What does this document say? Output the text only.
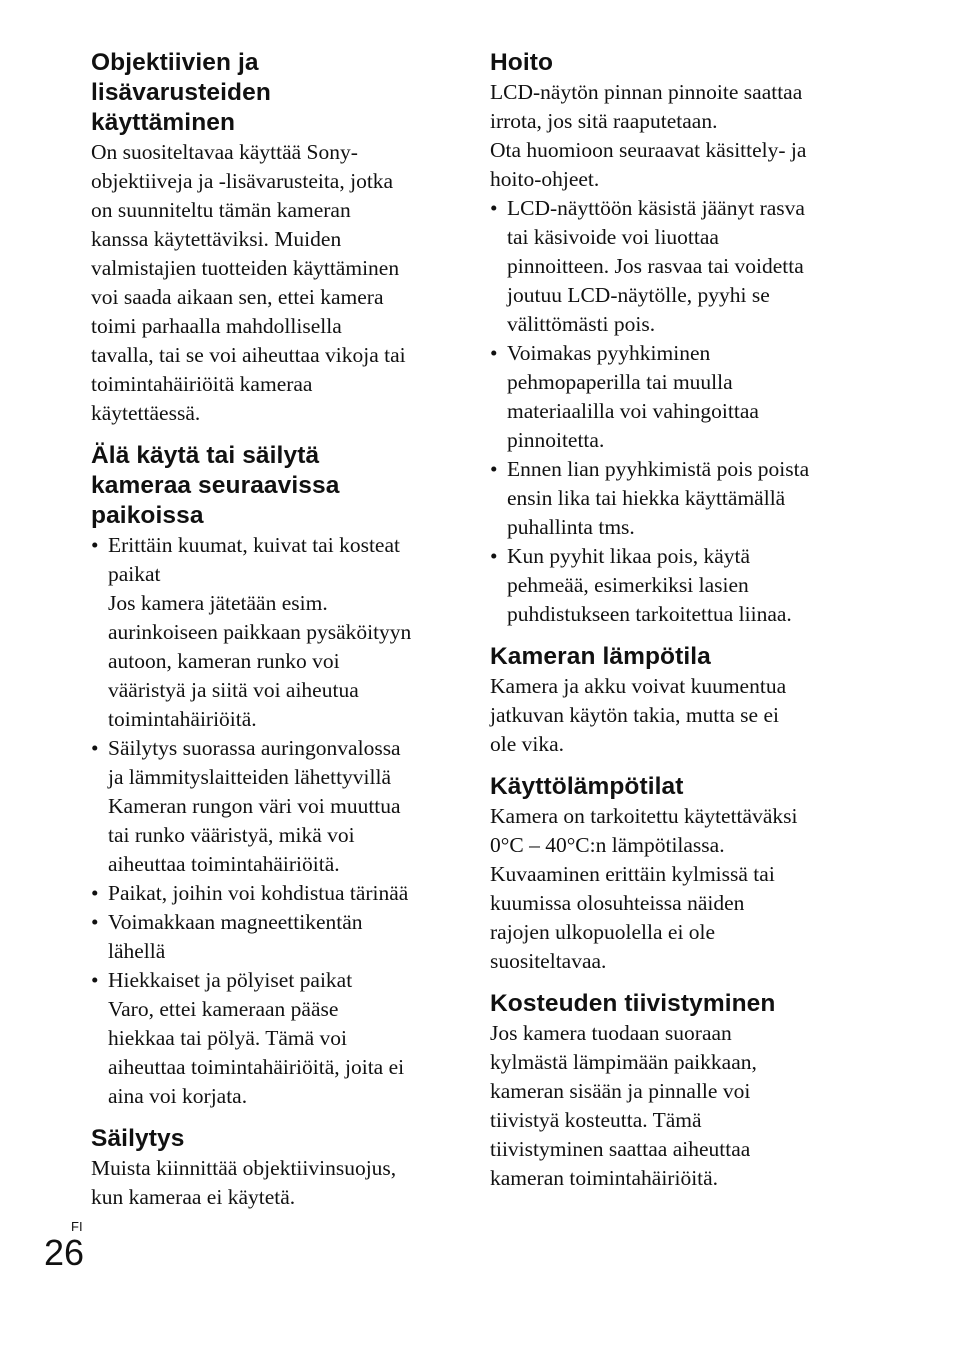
Objektiivien ja
lisävarusteiden
käyttäminen

On suositeltavaa käyttää Sony-
objektiiveja ja -lisävarusteita, jotka
on suunniteltu tämän kameran
kanssa käytettäviksi. Muiden
valmistajien tuotteiden käyttäminen
voi saada aikaan sen, ettei kamera
toimi parhaalla mahdollisella
tavalla, tai se voi aiheuttaa vikoja tai
toimintahäiriöitä kameraa
käytettäessä.

Älä käytä tai säilytä
kameraa seuraavissa
paikoissa
• Erittäin kuumat, kuivat tai kosteat
paikat
Jos kamera jätetään esim.
aurinkoiseen paikkaan pysäköityyn
autoon, kameran runko voi
vääristyä ja siitä voi aiheutua
toimintahäiriöitä.
• Säilytys suorassa auringonvalossa
ja lämmityslaitteiden lähettyvillä
Kameran rungon väri voi muuttua
tai runko vääristyä, mikä voi
aiheuttaa toimintahäiriöitä.
• Paikat, joihin voi kohdistua tärinää
• Voimakkaan magneettikentän
lähellä
• Hiekkaiset ja pölyiset paikat
Varo, ettei kameraan pääse
hiekkaa tai pölyä. Tämä voi
aiheuttaa toimintahäiriöitä, joita ei
aina voi korjata.
Säilytys

Muista kiinnittää objektiivinsuojus,
kun kameraa ei käytetä.

Hoito

LCD-näytön pinnan pinnoite saattaa
irrota, jos sitä raaputetaan.
Ota huomioon seuraavat käsittely- ja
hoito-ohjeet.

• LCD-näyttöön käsistä jäänyt rasva
tai käsivoide voi liuottaa
pinnoitteen. Jos rasvaa tai voidetta
joutuu LCD-näytölle, pyyhi se
välittömästi pois.
• Voimakas pyyhkiminen
pehmopaperilla tai muulla
materiaalilla voi vahingoittaa
pinnoitetta.
• Ennen lian pyyhkimistä pois poista
ensin lika tai hiekka käyttämällä
puhallinta tms.
• Kun pyyhit likaa pois, käytä
pehmeää, esimerkiksi lasien
puhdistukseen tarkoitettua liinaa.
Kameran lämpötila

Kamera ja akku voivat kuumentua
jatkuvan käytön takia, mutta se ei
ole vika.

Käyttölämpötilat

Kamera on tarkoitettu käytettäväksi
0°C – 40°C:n lämpötilassa.
Kuvaaminen erittäin kylmissä tai
kuumissa olosuhteissa näiden
rajojen ulkopuolella ei ole
suositeltavaa.

Kosteuden tiivistyminen

Jos kamera tuodaan suoraan
kylmästä lämpimään paikkaan,
kameran sisään ja pinnalle voi
tiivistyä kosteutta. Tämä
tiivistyminen saattaa aiheuttaa
kameran toimintahäiriöitä.

FI
26
